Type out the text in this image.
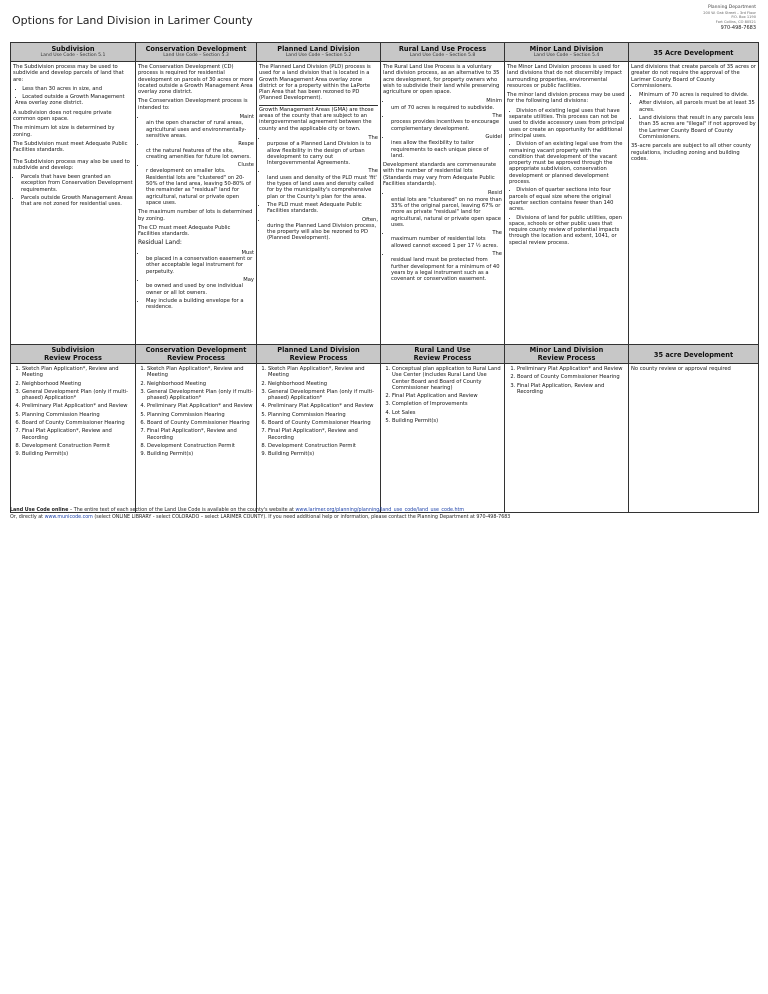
Options for Land Division in Larimer County
Planning Department
200 W. Oak Street – 3rd Floor
P.O. Box 1190
Fort Collins, CO 80521
970-498-7683
Subdivision
Land Use Code - Section 5.1
Conservation Development
Land Use Code – Section 5.3
Planned Land Division
Land Use Code – Section 5.2
Rural Land Use Process
Land Use Code – Section 5.8
Minor Land Division
Land Use Code – Section 5.4	35 Acre Development

The Subdivision process may be used to subdivide and develop parcels of land that are:

• Less than 30 acres in size, and
• Located outside a Growth Management Area overlay zone district.

A subdivision does not require private common open space.

The minimum lot size is determined by zoning.

The Subdivision must meet Adequate Public Facilities standards.

The Subdivision process may also be used to subdivide and develop:

• Parcels that have been granted an exception from Conservation Development requirements.
• Parcels outside Growth Management Areas that are not zoned for residential uses.

The Conservation Development (CD) process is required for residential development on parcels of 30 acres or more located outside a Growth Management Area overlay zone district.

The Conservation Development process is intended to:

• Maint

ain the open character of rural areas, agricultural uses and environmentally-sensitive areas.
• Respe

ct the natural features of the site, creating amenities for future lot owners.
• Cluste

r development on smaller lots. Residential lots are "clustered" on 20-50% of the land area, leaving 50-80% of the remainder as "residual" land for agricultural, natural or private open space uses.

The maximum number of lots is determined by zoning.

The CD must meet Adequate Public Facilities standards.

Residual Land:

• Must

be placed in a conservation easement or other acceptable legal instrument for perpetuity.
• May

be owned and used by one individual owner or all lot owners.
• May include a building envelope for a residence.

The Planned Land Division (PLD) process is used for a land division that is located in a Growth Management Area overlay zone district or for a property within the LaPorte Plan Area that has been rezoned to PD (Planned Development).

Growth Management Areas (GMA) are those areas of the county that are subject to an intergovernmental agreement between the county and the applicable city or town.

• The

purpose of a Planned Land Division is to allow flexibility in the design of urban development to carry out Intergovernmental Agreements.
• The

land uses and density of the PLD must 'fit' the types of land uses and density called for by the municipality's comprehensive plan or the County's plan for the area.
• The PLD must meet Adequate Public Facilities standards.
• Often,

during the Planned Land Division process, the property will also be rezoned to PD (Planned Development).

The Rural Land Use Process is a voluntary land division process, as an alternative to 35 acre development, for property owners who wish to subdivide their land while preserving agriculture or open space.

• Minim

um of 70 acres is required to subdivide.
• The

process provides incentives to encourage complementary development.
• Guidel

ines allow the flexibility to tailor requirements to each unique piece of land.

Development standards are commensurate with the number of residential lots (Standards may vary from Adequate Public Facilities standards).

• Resid

ential lots are "clustered" on no more than 33% of the original parcel, leaving 67% or more as private "residual" land for agricultural, natural or private open space uses.
• The

maximum number of residential lots allowed cannot exceed 1 per 17 ½ acres.
• The

residual land must be protected from further development for a minimum of 40 years by a legal instrument such as a covenant or conservation easement.

The Minor Land Division process is used for land divisions that do not discernibly impact surrounding properties, environmental resources or public facilities.

The minor land division process may be used for the following land divisions:

• Division of existing legal uses that have separate utilities. This process can not be used to divide accessory uses from principal uses or create an opportunity for additional principal uses.
• Division of an existing legal use from the remaining vacant property with the condition that development of the vacant property must be approved through the appropriate subdivision, conservation development or planned development process.
• Division of quarter sections into four parcels of equal size where the original quarter section contains fewer than 140 acres.
• Divisions of land for public utilities, open space, schools or other public uses that require county review of potential impacts through the location and extent, 1041, or special review process.

Land divisions that create parcels of 35 acres or greater do not require the approval of the Larimer County Board of County Commissioners.

• Minimum of 70 acres is required to divide.
• After division, all parcels must be at least 35 acres.
• Land divisions that result in any parcels less than 35 acres are "illegal" if not approved by the Larimer County Board of County Commissioners.

35-acre parcels are subject to all other county regulations, including zoning and building codes.

Subdivision
Review Process
Conservation Development
Review Process
Planned Land Division
Review Process
Rural Land Use
Review Process
Minor Land Division
Review Process	35 acre Development
1. Sketch Plan Application*, Review and Meeting
2. Neighborhood Meeting
3. General Development Plan (only if multi-phased) Application*
4. Preliminary Plat Application* and Review
5. Planning Commission Hearing
6. Board of County Commissioner Hearing
7. Final Plat Application*, Review and Recording
8. Development Construction Permit
9. Building Permit(s)
1. Sketch Plan Application*, Review and Meeting
2. Neighborhood Meeting
3. General Development Plan (only if multi-phased) Application*
4. Preliminary Plat Application* and Review
5. Planning Commission Hearing
6. Board of County Commissioner Hearing
7. Final Plat Application*, Review and Recording
8. Development Construction Permit
9. Building Permit(s)
1. Sketch Plan Application*, Review and Meeting
2. Neighborhood Meeting
3. General Development Plan (only if multi-phased) Application*
4. Preliminary Plat Application* and Review
5. Planning Commission Hearing
6. Board of County Commissioner Hearing
7. Final Plat Application*, Review and Recording
8. Development Construction Permit
9. Building Permit(s)
1. Conceptual plan application to Rural Land Use Center (includes Rural Land Use Center Board and Board of County Commissioner hearing)
2. Final Plat Application and Review
3. Completion of Improvements
4. Lot Sales
5. Building Permit(s)
1. Preliminary Plat Application* and Review
2. Board of County Commissioner Hearing
3. Final Plat Application, Review and Recording
No county review or approval required
Land Use Code online – The entire text of each section of the Land Use Code is available on the county's website at www.larimer.org/planning/planning/land_use_code/land_use_code.htm
Or, directly at www.municode.com (select ONLINE LIBRARY - select COLORADO – select LARIMER COUNTY). If you need additional help or information, please contact the Planning Department at 970-498-7683
